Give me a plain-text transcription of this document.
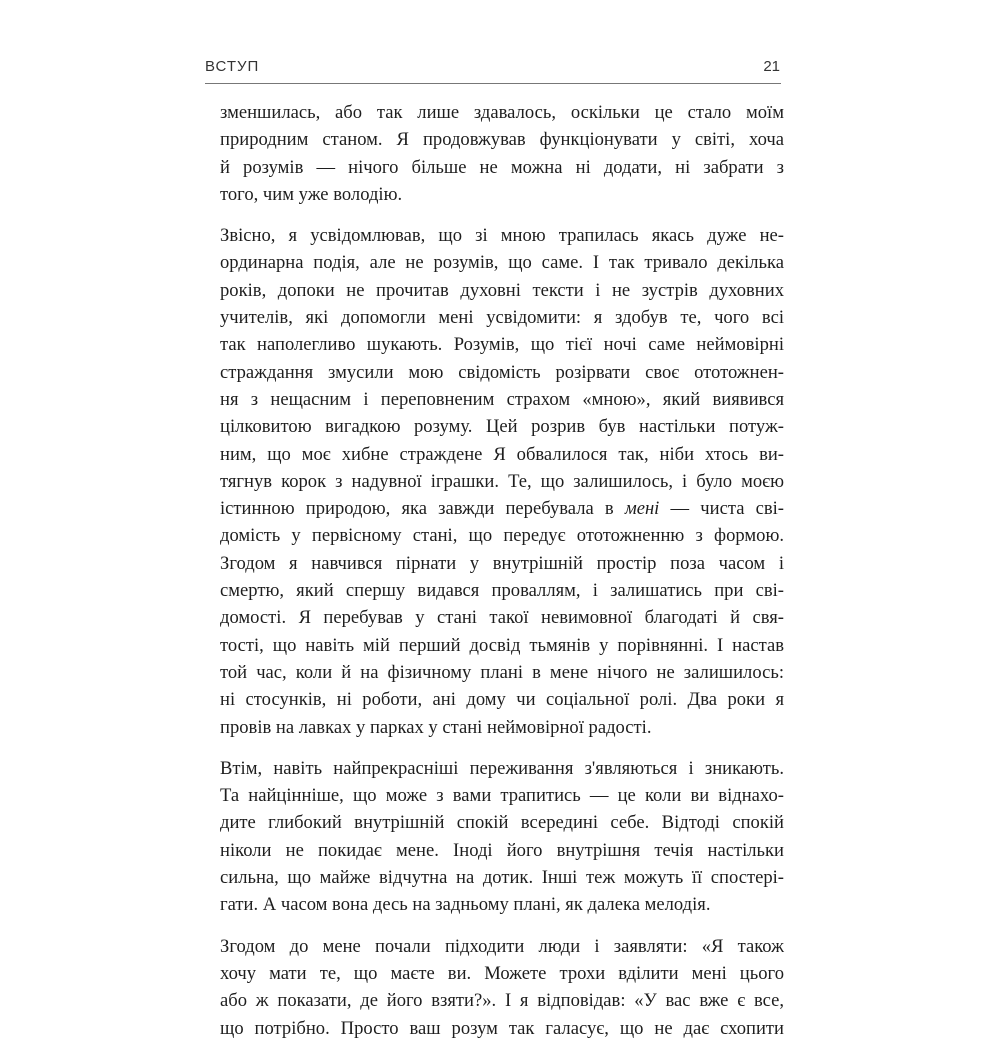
ВСТУП	21
зменшилась, або так лише здавалось, оскільки це стало моїм
природним станом. Я продовжував функціонувати у світі, хоча
й розумів — нічого більше не можна ні додати, ні забрати з
того, чим уже володію.
Звісно, я усвідомлював, що зі мною трапилась якась дуже не-
ординарна подія, але не розумів, що саме. І так тривало декілька
років, допоки не прочитав духовні тексти і не зустрів духовних
учителів, які допомогли мені усвідомити: я здобув те, чого всі
так наполегливо шукають. Розумів, що тієї ночі саме неймовірні
страждання змусили мою свідомість розірвати своє ототожнен-
ня з нещасним і переповненим страхом «мною», який виявився
цілковитою вигадкою розуму. Цей розрив був настільки потуж-
ним, що моє хибне страждене Я обвалилося так, ніби хтось ви-
тягнув корок з надувної іграшки. Те, що залишилось, і було моєю
істинною природою, яка завжди перебувала в мені — чиста сві-
домість у первісному стані, що передує ототожненню з формою.
Згодом я навчився пірнати у внутрішній простір поза часом і
смертю, який спершу видався проваллям, і залишатись при сві-
домості. Я перебував у стані такої невимовної благодаті й свя-
тості, що навіть мій перший досвід тьмянів у порівнянні. І настав
той час, коли й на фізичному плані в мене нічого не залишилось:
ні стосунків, ні роботи, ані дому чи соціальної ролі. Два роки я
провів на лавках у парках у стані неймовірної радості.
Втім, навіть найпрекрасніші переживання з'являються і зникають.
Та найцінніше, що може з вами трапитись — це коли ви віднахо-
дите глибокий внутрішній спокій всередині себе. Відтоді спокій
ніколи не покидає мене. Іноді його внутрішня течія настільки
сильна, що майже відчутна на дотик. Інші теж можуть її спостері-
гати. А часом вона десь на задньому плані, як далека мелодія.
Згодом до мене почали підходити люди і заявляти: «Я також
хочу мати те, що маєте ви. Можете трохи вділити мені цього
або ж показати, де його взяти?». І я відповідав: «У вас вже є все,
що потрібно. Просто ваш розум так галасує, що не дає схопити
